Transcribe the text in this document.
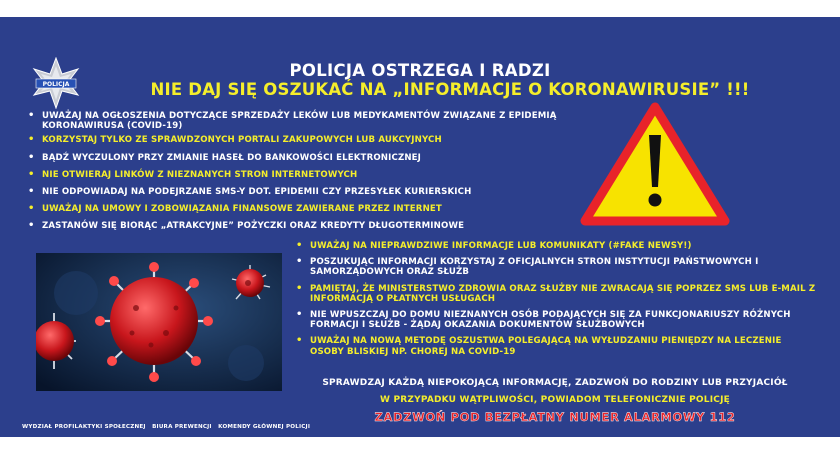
POLICJA
POLICJA OSTRZEGA I RADZI
NIE DAJ SIĘ OSZUKAĆ NA „INFORMACJE O KORONAWIRUSIE” !!!
• UWAŻAJ NA OGŁOSZENIA DOTYCZĄCE SPRZEDAŻY LEKÓW LUB MEDYKAMENTÓW ZWIĄZANE Z EPIDEMIĄ KORONAWIRUSA (COVID-19)
• KORZYSTAJ TYLKO ZE SPRAWDZONYCH PORTALI ZAKUPOWYCH LUB AUKCYJNYCH
• BĄDŹ WYCZULONY PRZY ZMIANIE HASEŁ DO BANKOWOŚCI ELEKTRONICZNEJ
• NIE OTWIERAJ LINKÓW Z NIEZNANYCH STRON INTERNETOWYCH
• NIE ODPOWIADAJ NA PODEJRZANE SMS-Y DOT. EPIDEMII CZY PRZESYŁEK KURIERSKICH
• UWAŻAJ NA UMOWY I ZOBOWIĄZANIA FINANSOWE ZAWIERANE PRZEZ INTERNET
• ZASTANÓW SIĘ BIORĄC „ATRAKCYJNE” POŻYCZKI ORAZ KREDYTY DŁUGOTERMINOWE
• UWAŻAJ NA NIEPRAWDZIWE INFORMACJE LUB KOMUNIKATY (#FAKE NEWSY!)
• POSZUKUJĄC INFORMACJI KORZYSTAJ Z OFICJALNYCH STRON INSTYTUCJI PAŃSTWOWYCH I SAMORZĄDOWYCH ORAZ SŁUŻB
• PAMIĘTAJ, ŻE MINISTERSTWO ZDROWIA ORAZ SŁUŻBY NIE ZWRACAJĄ SIĘ POPRZEZ SMS LUB E-MAIL Z INFORMACJĄ O PŁATNYCH USŁUGACH
• NIE WPUSZCZAJ DO DOMU NIEZNANYCH OSÓB PODAJĄCYCH SIĘ ZA FUNKCJONARIUSZY RÓŻNYCH FORMACJI I SŁUŻB - ŻĄDAJ OKAZANIA DOKUMENTÓW SŁUŻBOWYCH
• UWAŻAJ NA NOWĄ METODĘ OSZUSTWA POLEGAJĄCĄ NA WYŁUDZANIU PIENIĘDZY NA LECZENIE OSOBY BLISKIEJ NP. CHOREJ NA COVID-19
SPRAWDZAJ KAŻDĄ NIEPOKOJĄCĄ INFORMACJĘ, ZADZWOŃ DO RODZINY LUB PRZYJACIÓŁ
W PRZYPADKU WĄTPLIWOŚCI, POWIADOM TELEFONICZNIE POLICJĘ
ZADZWOŃ POD BEZPŁATNY NUMER ALARMOWY 112
WYDZIAŁ PROFILAKTYKI SPOŁECZNEJ   BIURA PREWENCJI   KOMENDY GŁÓWNEJ POLICJI
